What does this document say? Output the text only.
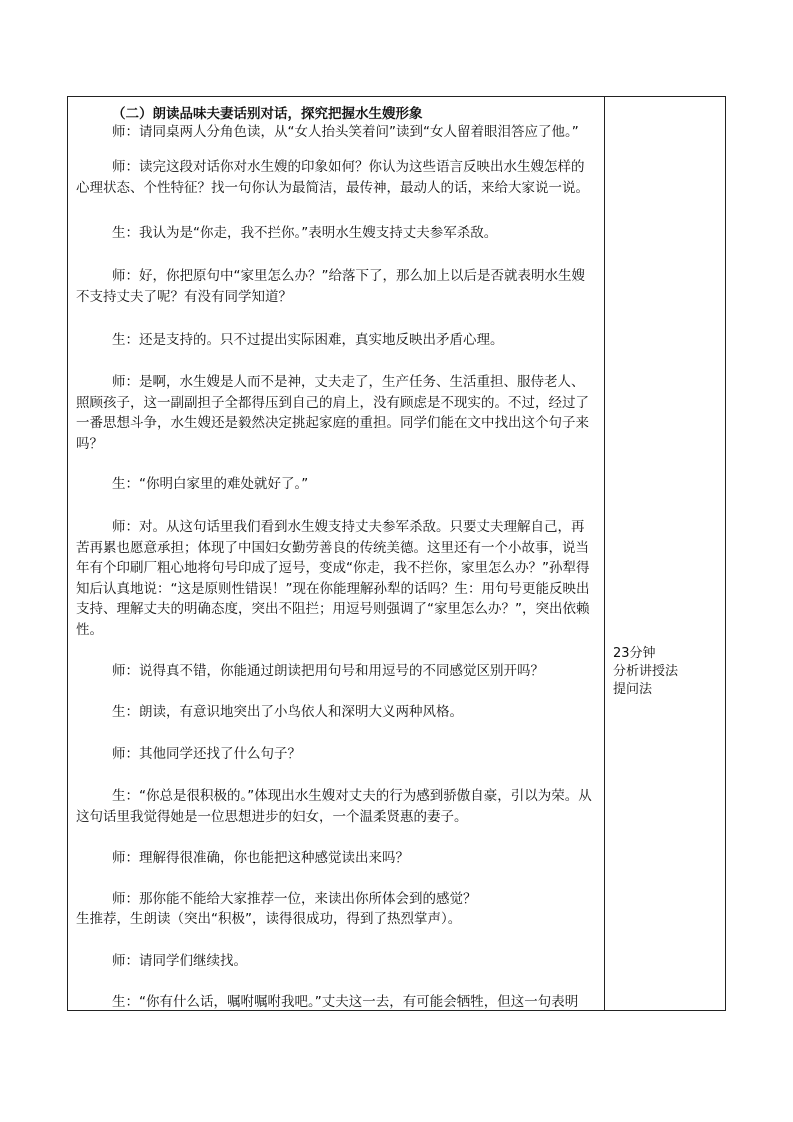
（二）朗读品味夫妻话别对话，探究把握水生嫂形象

师：请同桌两人分角色读，从“女人抬头笑着问”读到“女人留着眼泪答应了他。”

师：读完这段对话你对水生嫂的印象如何？你认为这些语言反映出水生嫂怎样的心理状态、个性特征？找一句你认为最简洁，最传神，最动人的话，来给大家说一说。

生：我认为是“你走，我不拦你。”表明水生嫂支持丈夫参军杀敌。

师：好，你把原句中“家里怎么办？”给落下了，那么加上以后是否就表明水生嫂不支持丈夫了呢？有没有同学知道？

生：还是支持的。只不过提出实际困难，真实地反映出矛盾心理。

师：是啊，水生嫂是人而不是神，丈夫走了，生产任务、生活重担、服侍老人、照顾孩子，这一副副担子全都得压到自己的肩上，没有顾虑是不现实的。不过，经过了一番思想斗争，水生嫂还是毅然决定挑起家庭的重担。同学们能在文中找出这个句子来吗？

生：“你明白家里的难处就好了。”

师：对。从这句话里我们看到水生嫂支持丈夫参军杀敌。只要丈夫理解自己，再苦再累也愿意承担；体现了中国妇女勤劳善良的传统美德。这里还有一个小故事，说当年有个印刷厂粗心地将句号印成了逗号，变成“你走，我不拦你，家里怎么办？”孙犁得知后认真地说：“这是原则性错误！”现在你能理解孙犁的话吗？生：用句号更能反映出支持、理解丈夫的明确态度，突出不阻拦；用逗号则强调了“家里怎么办？”，突出依赖性。

师：说得真不错，你能通过朗读把用句号和用逗号的不同感觉区别开吗？

生：朗读，有意识地突出了小鸟依人和深明大义两种风格。

师：其他同学还找了什么句子？

生：“你总是很积极的。”体现出水生嫂对丈夫的行为感到骄傲自豪，引以为荣。从这句话里我觉得她是一位思想进步的妇女，一个温柔贤惠的妻子。

师：理解得很准确，你也能把这种感觉读出来吗？

师：那你能不能给大家推荐一位，来读出你所体会到的感觉？

生推荐，生朗读（突出“积极”，读得很成功，得到了热烈掌声）。

师：请同学们继续找。

生：“你有什么话，嘱咐嘱咐我吧。”丈夫这一去，有可能会牺牲，但这一句表明

23分钟
分析讲授法
提问法
